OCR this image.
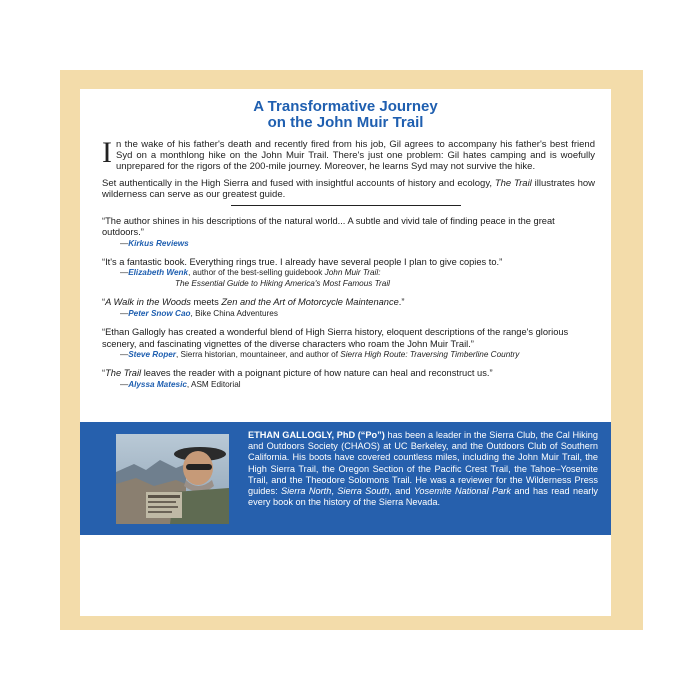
A Transformative Journey
on the John Muir Trail

In the wake of his father's death and recently fired from his job, Gil agrees to accompany his father's best friend Syd on a monthlong hike on the John Muir Trail. There's just one problem: Gil hates camping and is woefully unprepared for the rigors of the 200-mile journey. Moreover, he learns Syd may not survive the hike.

Set authentically in the High Sierra and fused with insightful accounts of history and ecology, The Trail illustrates how wilderness can serve as our greatest guide.

“The author shines in his descriptions of the natural world... A subtle and vivid tale of finding peace in the great outdoors.”
—Kirkus Reviews
“It's a fantastic book. Everything rings true. I already have several people I plan to give copies to.”
—Elizabeth Wenk, author of the best-selling guidebook John Muir Trail:
The Essential Guide to Hiking America's Most Famous Trail
“A Walk in the Woods meets Zen and the Art of Motorcycle Maintenance.”
—Peter Snow Cao, Bike China Adventures
“Ethan Gallogly has created a wonderful blend of High Sierra history, eloquent descriptions of the range's glorious scenery, and fascinating vignettes of the diverse characters who roam the John Muir Trail.”
—Steve Roper, Sierra historian, mountaineer, and author of Sierra High Route: Traversing Timberline Country
“The Trail leaves the reader with a poignant picture of how nature can heal and reconstruct us.”
—Alyssa Matesic, ASM Editorial
ETHAN GALLOGLY, PhD (“Po”) has been a leader in the Sierra Club, the Cal Hiking and Outdoors Society (CHAOS) at UC Berkeley, and the Outdoors Club of Southern California. His boots have covered countless miles, including the John Muir Trail, the High Sierra Trail, the Oregon Section of the Pacific Crest Trail, the Tahoe–Yosemite Trail, and the Theodore Solomons Trail. He was a reviewer for the Wilderness Press guides: Sierra North, Sierra South, and Yosemite National Park and has read nearly every book on the history of the Sierra Nevada.
